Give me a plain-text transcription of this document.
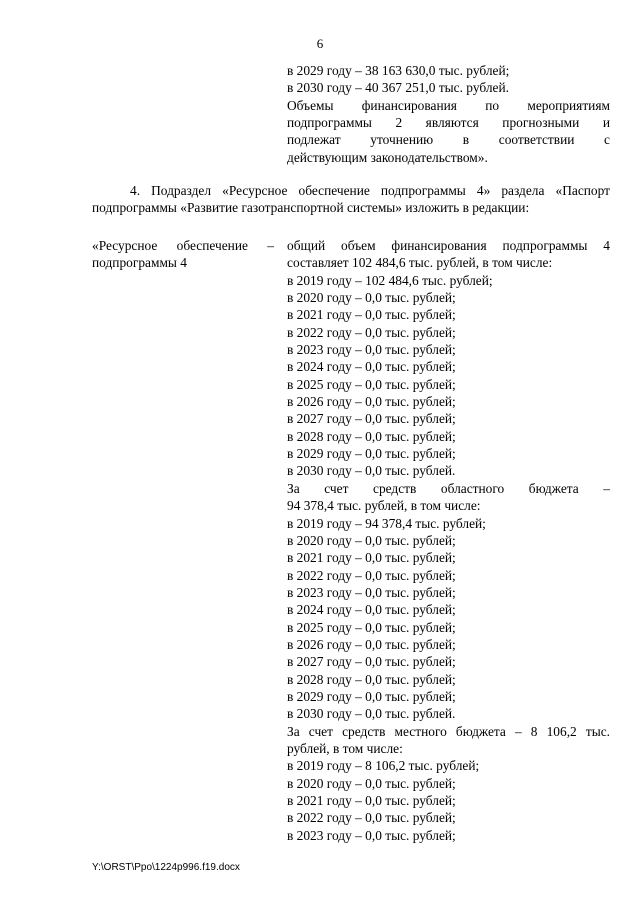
6
в 2029 году – 38 163 630,0 тыс. рублей;
в 2030 году – 40 367 251,0 тыс. рублей.
Объемы финансирования по мероприятиям
подпрограммы 2 являются прогнозными и
подлежат уточнению в соответствии с
действующим законодательством».
4. Подраздел «Ресурсное обеспечение подпрограммы 4» раздела «Паспорт
подпрограммы «Развитие газотранспортной системы» изложить в редакции:
«Ресурсное обеспечение –
подпрограммы 4
общий объем финансирования подпрограммы 4
составляет 102 484,6 тыс. рублей, в том числе:
в 2019 году – 102 484,6 тыс. рублей;
в 2020 году – 0,0 тыс. рублей;
в 2021 году – 0,0 тыс. рублей;
в 2022 году – 0,0 тыс. рублей;
в 2023 году – 0,0 тыс. рублей;
в 2024 году – 0,0 тыс. рублей;
в 2025 году – 0,0 тыс. рублей;
в 2026 году – 0,0 тыс. рублей;
в 2027 году – 0,0 тыс. рублей;
в 2028 году – 0,0 тыс. рублей;
в 2029 году – 0,0 тыс. рублей;
в 2030 году – 0,0 тыс. рублей.
За счет средств областного бюджета –
94 378,4 тыс. рублей, в том числе:
в 2019 году – 94 378,4 тыс. рублей;
в 2020 году – 0,0 тыс. рублей;
в 2021 году – 0,0 тыс. рублей;
в 2022 году – 0,0 тыс. рублей;
в 2023 году – 0,0 тыс. рублей;
в 2024 году – 0,0 тыс. рублей;
в 2025 году – 0,0 тыс. рублей;
в 2026 году – 0,0 тыс. рублей;
в 2027 году – 0,0 тыс. рублей;
в 2028 году – 0,0 тыс. рублей;
в 2029 году – 0,0 тыс. рублей;
в 2030 году – 0,0 тыс. рублей.
За счет средств местного бюджета – 8 106,2 тыс.
рублей, в том числе:
в 2019 году – 8 106,2 тыс. рублей;
в 2020 году – 0,0 тыс. рублей;
в 2021 году – 0,0 тыс. рублей;
в 2022 году – 0,0 тыс. рублей;
в 2023 году – 0,0 тыс. рублей;
Y:\ORST\Ppo\1224p996.f19.docx
